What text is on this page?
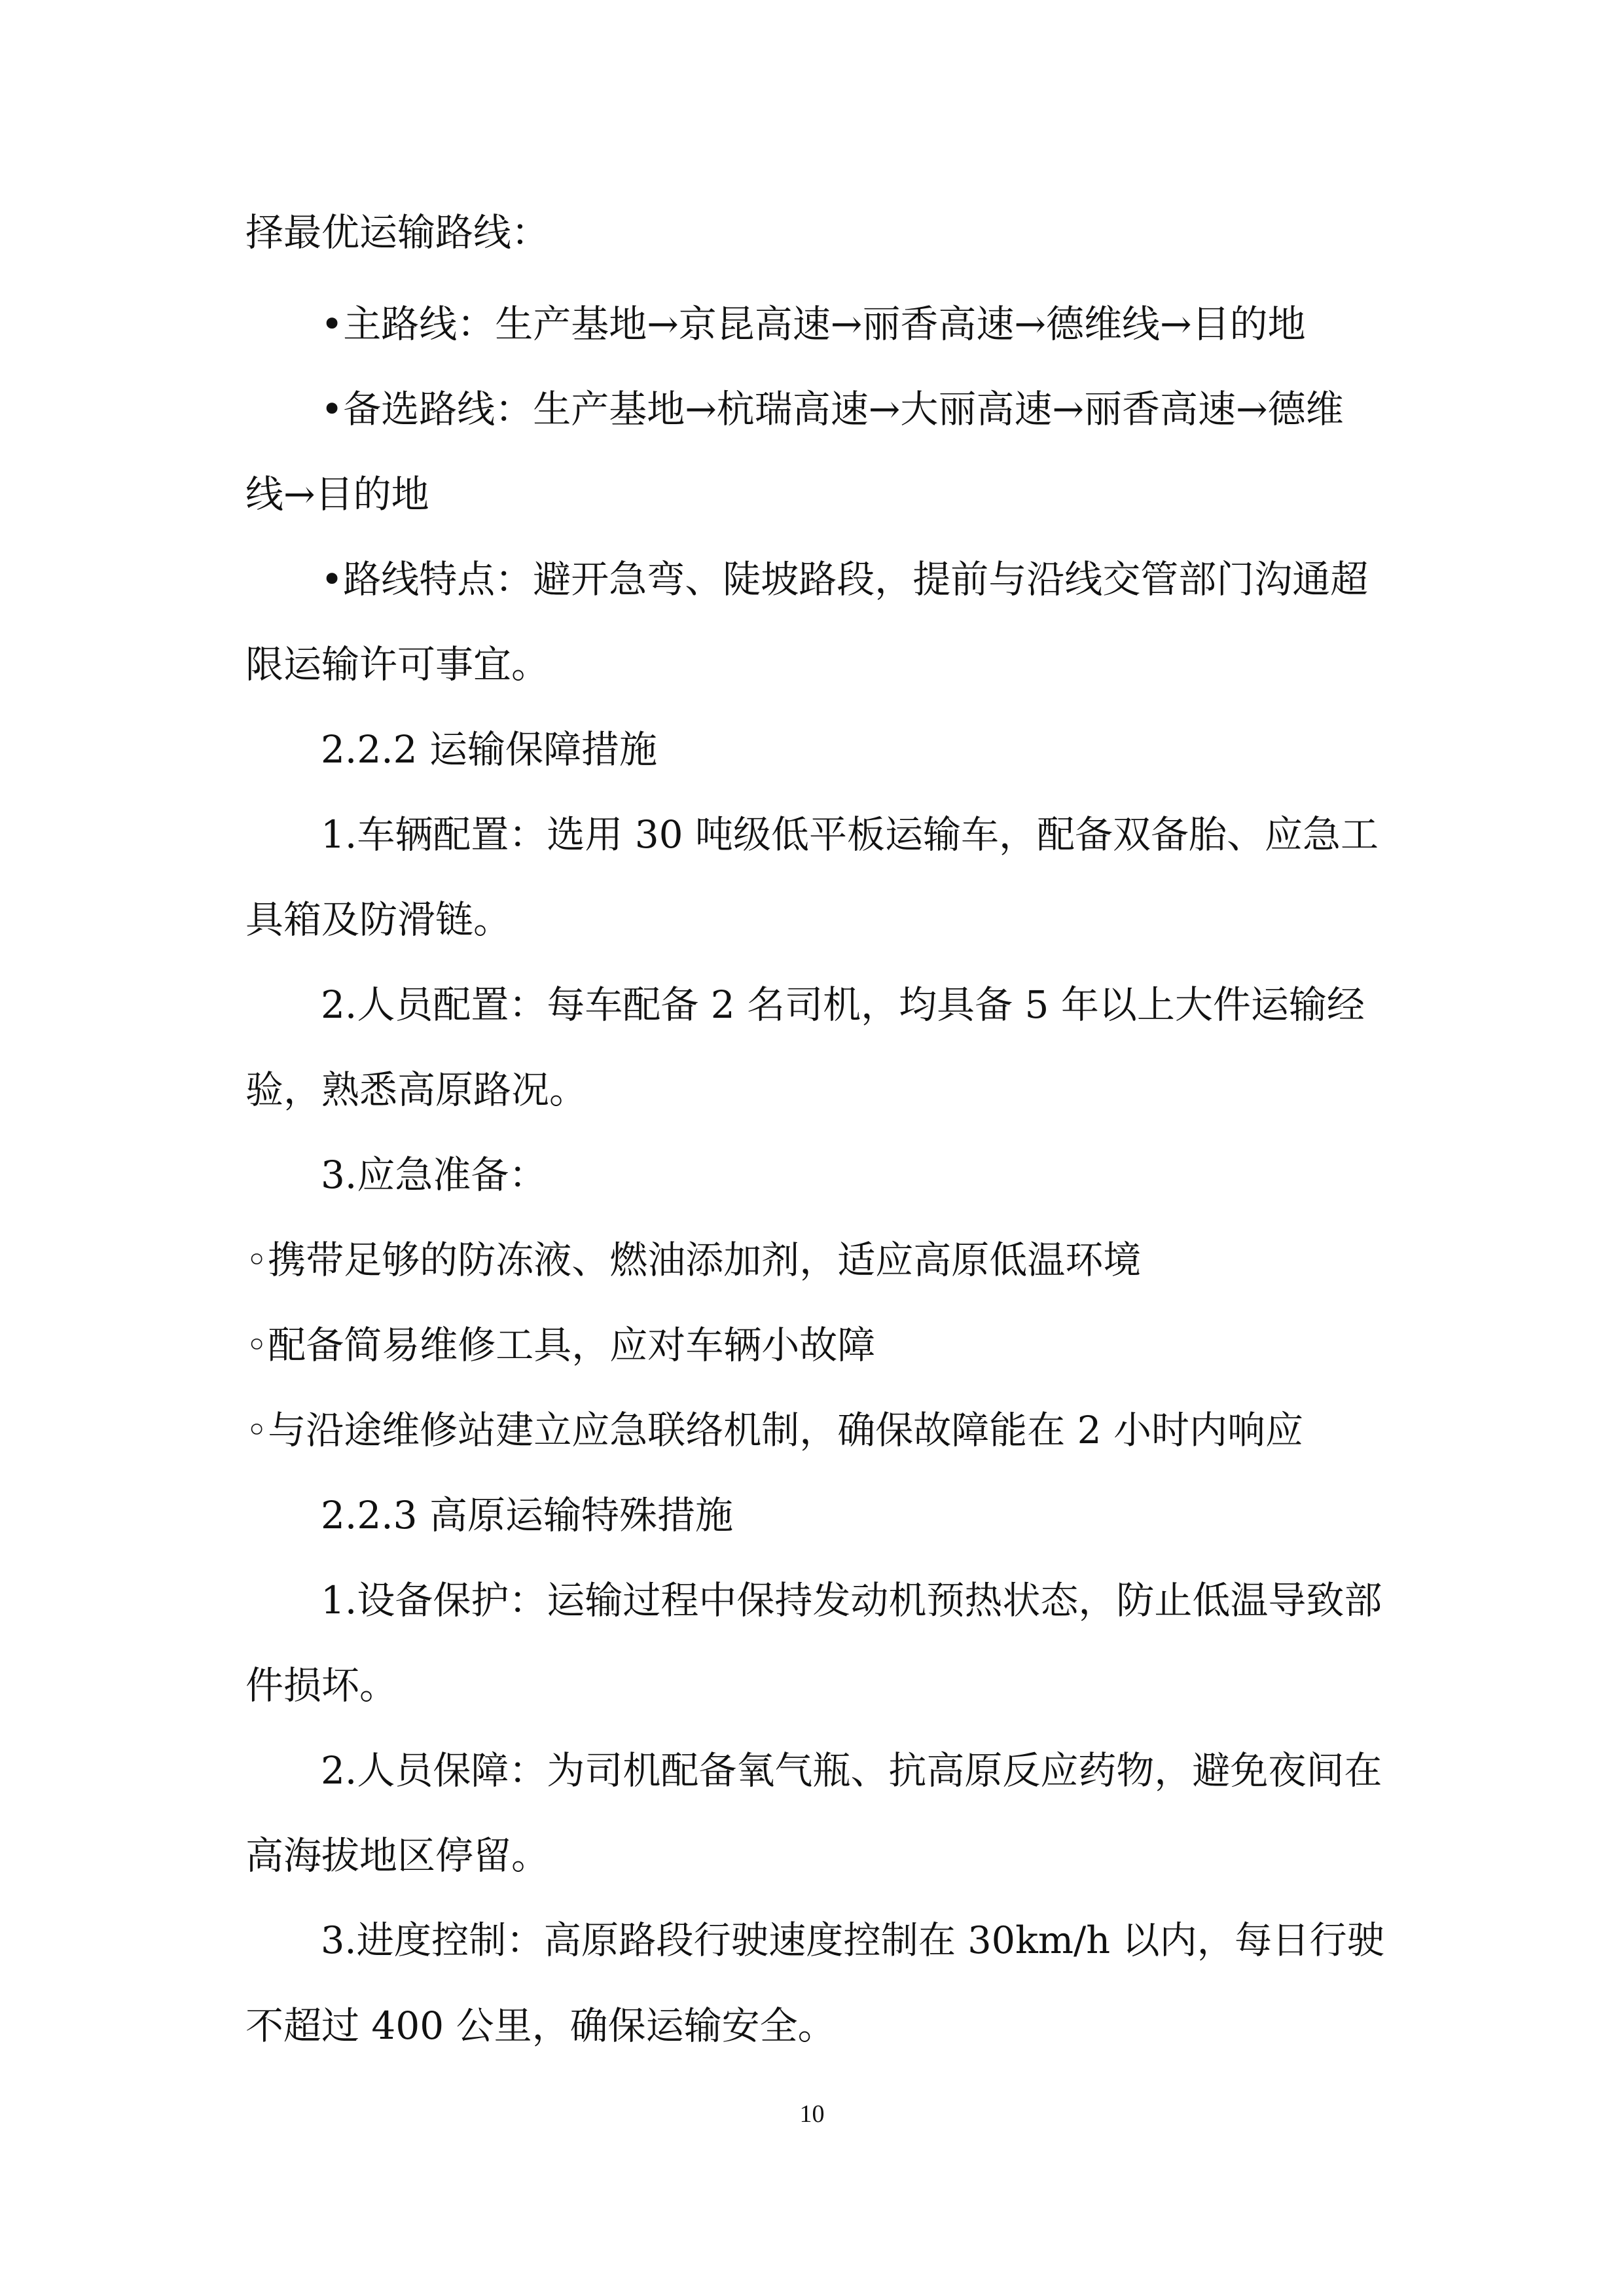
择最优运输路线：
•主路线：生产基地→京昆高速→丽香高速→德维线→目的地
•备选路线：生产基地→杭瑞高速→大丽高速→丽香高速→德维
线→目的地
•路线特点：避开急弯、陡坡路段，提前与沿线交管部门沟通超
限运输许可事宜。
2.2.2 运输保障措施
1.车辆配置：选用 30 吨级低平板运输车，配备双备胎、应急工
具箱及防滑链。
2.人员配置：每车配备 2 名司机，均具备 5 年以上大件运输经
验，熟悉高原路况。
3.应急准备：
◦携带足够的防冻液、燃油添加剂，适应高原低温环境
◦配备简易维修工具，应对车辆小故障
◦与沿途维修站建立应急联络机制，确保故障能在 2 小时内响应
2.2.3 高原运输特殊措施
1.设备保护：运输过程中保持发动机预热状态，防止低温导致部
件损坏。
2.人员保障：为司机配备氧气瓶、抗高原反应药物，避免夜间在
高海拔地区停留。
3.进度控制：高原路段行驶速度控制在 30km/h 以内，每日行驶
不超过 400 公里，确保运输安全。
10
